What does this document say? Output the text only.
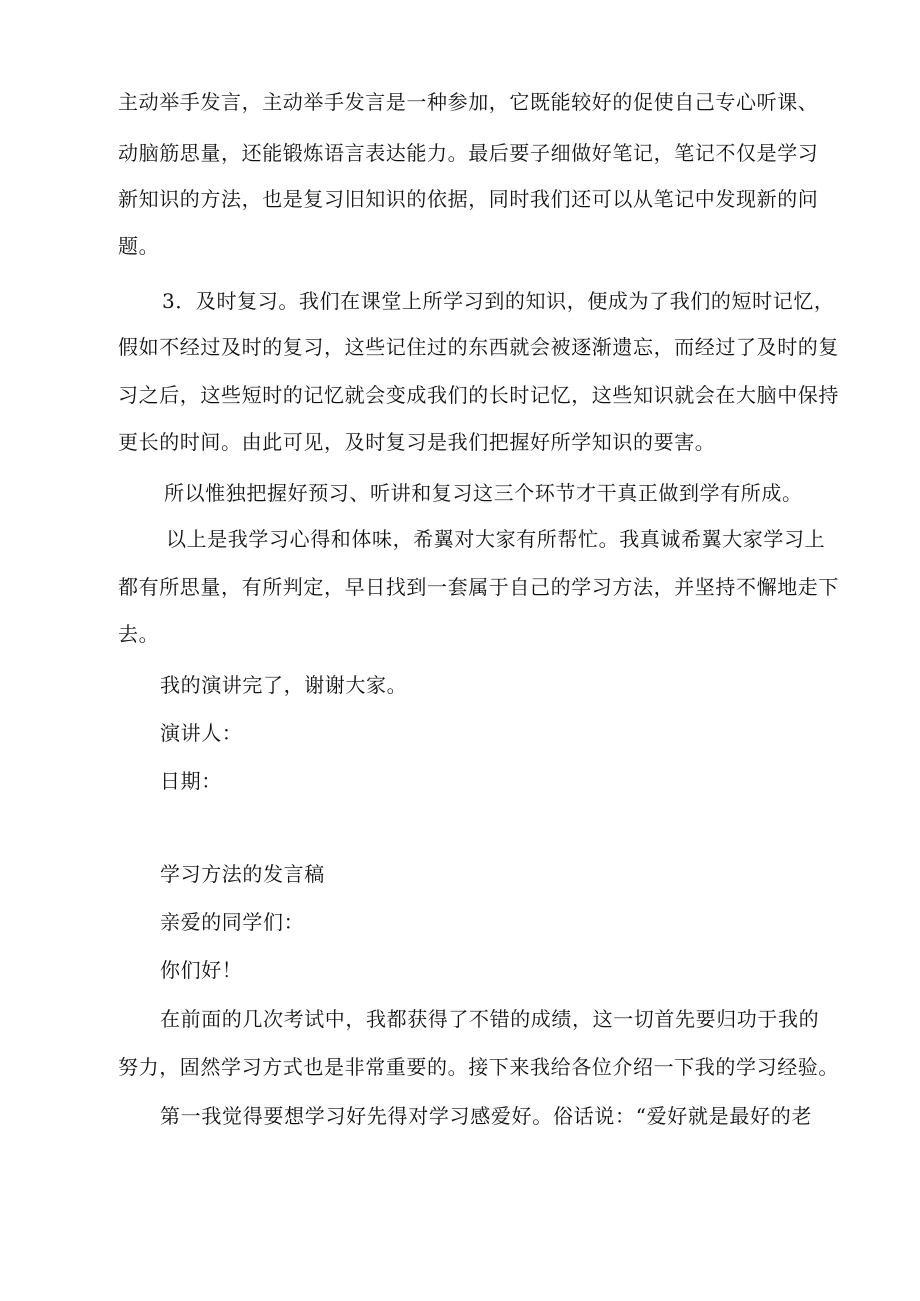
主动举手发言，主动举手发言是一种参加，它既能较好的促使自己专心听课、
动脑筋思量，还能锻炼语言表达能力。最后要子细做好笔记，笔记不仅是学习
新知识的方法，也是复习旧知识的依据，同时我们还可以从笔记中发现新的问
题。
3．及时复习。我们在课堂上所学习到的知识，便成为了我们的短时记忆，
假如不经过及时的复习，这些记住过的东西就会被逐渐遗忘，而经过了及时的复
习之后，这些短时的记忆就会变成我们的长时记忆，这些知识就会在大脑中保持
更长的时间。由此可见，及时复习是我们把握好所学知识的要害。
所以惟独把握好预习、听讲和复习这三个环节才干真正做到学有所成。
以上是我学习心得和体味，希翼对大家有所帮忙。我真诚希翼大家学习上
都有所思量，有所判定，早日找到一套属于自己的学习方法，并坚持不懈地走下
去。
我的演讲完了，谢谢大家。
演讲人：
日期：
学习方法的发言稿
亲爱的同学们：
你们好！
在前面的几次考试中，我都获得了不错的成绩，这一切首先要归功于我的
努力，固然学习方式也是非常重要的。接下来我给各位介绍一下我的学习经验。
第一我觉得要想学习好先得对学习感爱好。俗话说：“爱好就是最好的老
